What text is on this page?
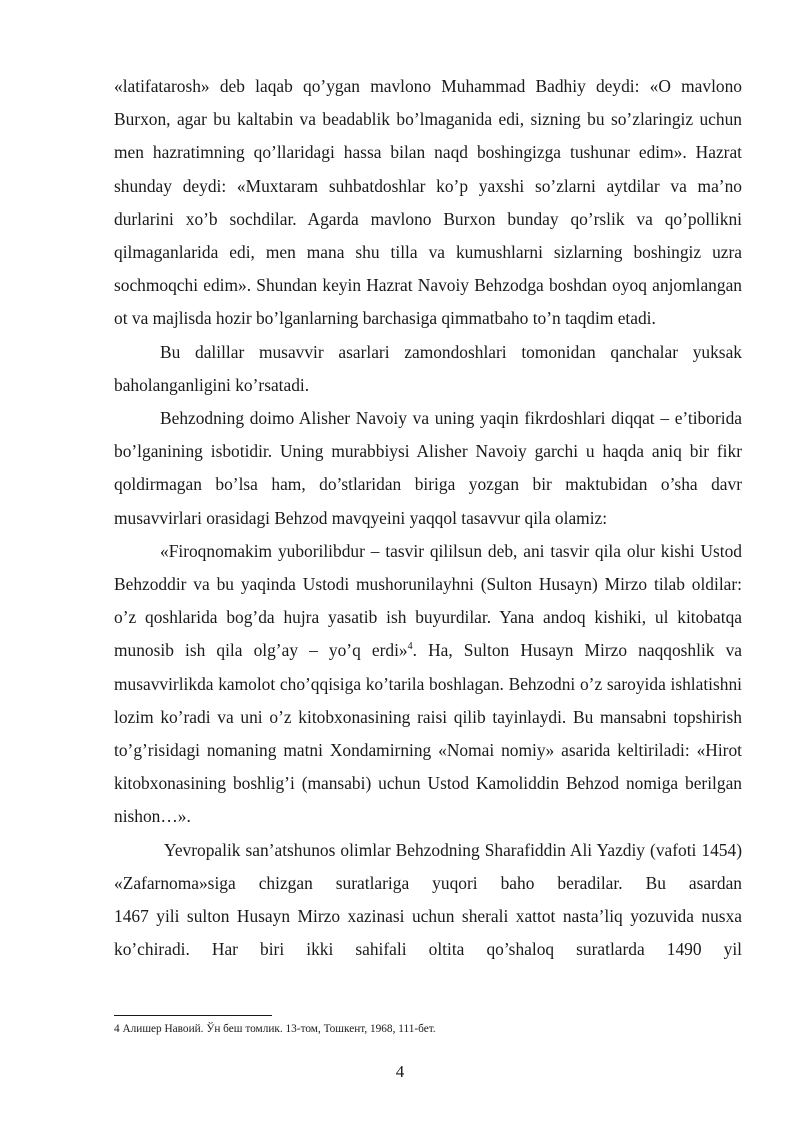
«latifatarosh» deb laqab qo’ygan mavlono Muhammad Badhiy deydi: «O mavlono Burxon, agar bu kaltabin va beadablik bo’lmaganida edi, sizning bu so’zlaringiz uchun men hazratimning qo’llaridagi hassa bilan naqd boshingizga tushunar edim». Hazrat shunday deydi: «Muxtaram suhbatdoshlar ko’p yaxshi so’zlarni aytdilar va ma’no durlarini xo’b sochdilar. Agarda mavlono Burxon bunday qo’rslik va qo’pollikni qilmaganlarida edi, men mana shu tilla va kumushlarni sizlarning boshingiz uzra sochmoqchi edim». Shundan keyin Hazrat Navoiy Behzodga boshdan oyoq anjomlangan ot va majlisda hozir bo’lganlarning barchasiga qimmatbaho to’n taqdim etadi.

Bu dalillar musavvir asarlari zamondoshlari tomonidan qanchalar yuksak baholanganligini ko’rsatadi.

Behzodning doimo Alisher Navoiy va uning yaqin fikrdoshlari diqqat – e’tiborida bo’lganining isbotidir. Uning murabbiysi Alisher Navoiy garchi u haqda aniq bir fikr qoldirmagan bo’lsa ham, do’stlaridan biriga yozgan bir maktubidan o’sha davr musavvirlari orasidagi Behzod mavqyeini yaqqol tasavvur qila olamiz:

«Firoqnomakim yuborilibdur – tasvir qililsun deb, ani tasvir qila olur kishi Ustod Behzoddir va bu yaqinda Ustodi mushorunilayhni (Sulton Husayn) Mirzo tilab oldilar: o’z qoshlarida bog’da hujra yasatib ish buyurdilar. Yana andoq kishiki, ul kitobatqa munosib ish qila olg’ay – yo’q erdi»$^4$. Ha, Sulton Husayn Mirzo naqqoshlik va musavvirlikda kamolot cho’qqisiga ko’tarila boshlagan. Behzodni o’z saroyida ishlatishni lozim ko’radi va uni o’z kitobxonasining raisi qilib tayinlaydi. Bu mansabni topshirish to’g’risidagi nomaning matni Xondamirning «Nomai nomiy» asarida keltiriladi: «Hirot kitobxonasining boshlig’i (mansabi) uchun Ustod Kamoliddin Behzod nomiga berilgan nishon…».

Yevropalik san’atshunos olimlar Behzodning Sharafiddin Ali Yazdiy (vafoti 1454) «Zafarnoma»siga chizgan suratlariga yuqori baho beradilar. Bu asardan

1467 yili sulton Husayn Mirzo xazinasi uchun sherali xattot nasta’liq yozuvida nusxa ko’chiradi. Har biri ikki sahifali oltita qo’shaloq suratlarda 1490 yil

4 Алишер Навоий. Ўн беш томлик. 13-том, Тошкент, 1968, 111-бет.

4
